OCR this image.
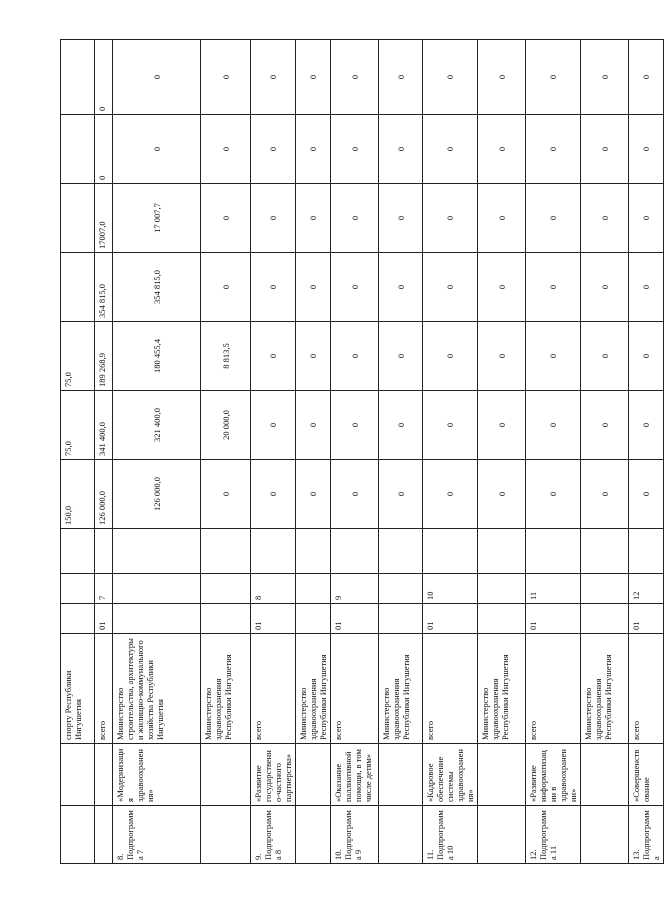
		спорту Республики Ингушетия				150,0	75,0	75,0				
		всего	01	7		126 000,0	341 400,0	189 268,9	354 815,0	17007,0	0	0
8. Подпрограмма 7	«Модернизация здравоохранения»	Министерство строительства, архитектуры и жилищно-коммунального хозяйства Республики Ингушетия				126 000,0	321 400,0	180 455,4	354 815,0	17 007,7	0	0
		Министерство здравоохранения Республики Ингушетия				0	20 000,0	8 813,5	0	0	0	0
9. Подпрограмма 8	«Развитие государственно-частного партнерства»	всего	01	8		0	0	0	0	0	0	0
		Министерство здравоохранения Республики Ингушетия				0	0	0	0	0	0	0
10. Подпрограмма 9	«Оказание паллиативной помощи, в том числе детям»	всего	01	9		0	0	0	0	0	0	0
		Министерство здравоохранения Республики Ингушетия				0	0	0	0	0	0	0
11. Подпрограмма 10	«Кадровое обеспечение системы здравоохранения»	всего	01	10		0	0	0	0	0	0	0
		Министерство здравоохранения Республики Ингушетия				0	0	0	0	0	0	0
12. Подпрограмма 11	«Развитие информатизации в здравоохранении»	всего	01	11		0	0	0	0	0	0	0
		Министерство здравоохранения Республики Ингушетия				0	0	0	0	0	0	0
13. Подпрограмма	«Совершенствование	всего	01	12		0	0	0	0	0	0	0
